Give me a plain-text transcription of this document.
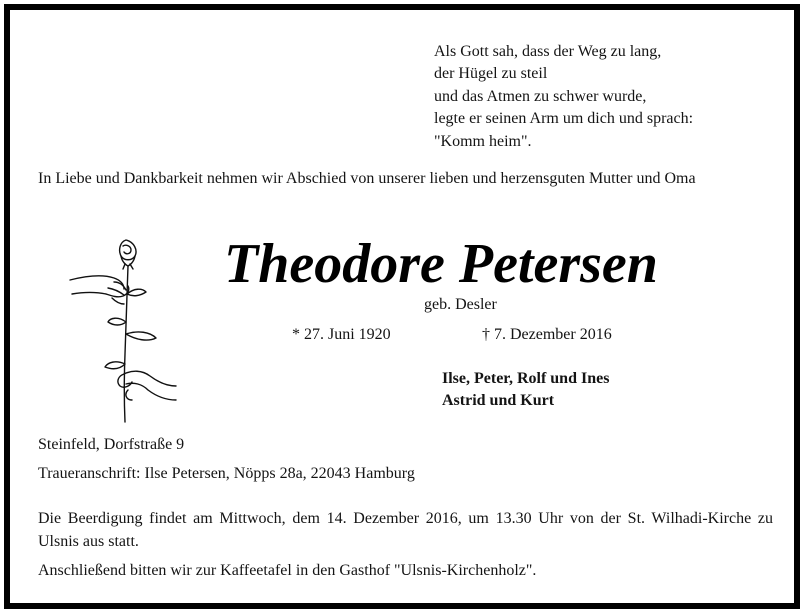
Als Gott sah, dass der Weg zu lang,
der Hügel zu steil
und das Atmen zu schwer wurde,
legte er seinen Arm um dich und sprach:
"Komm heim".
In Liebe und Dankbarkeit nehmen wir Abschied von unserer lieben und herzensguten Mutter und Oma
Theodore Petersen
geb. Desler
* 27. Juni 1920	† 7. Dezember 2016
Ilse, Peter, Rolf und Ines
Astrid und Kurt
Steinfeld, Dorfstraße 9
Traueranschrift: Ilse Petersen, Nöpps 28a, 22043 Hamburg
Die Beerdigung findet am Mittwoch, dem 14. Dezember 2016, um 13.30 Uhr von der St. Wilhadi-Kirche zu Ulsnis aus statt.
Anschließend bitten wir zur Kaffeetafel in den Gasthof "Ulsnis-Kirchenholz".
